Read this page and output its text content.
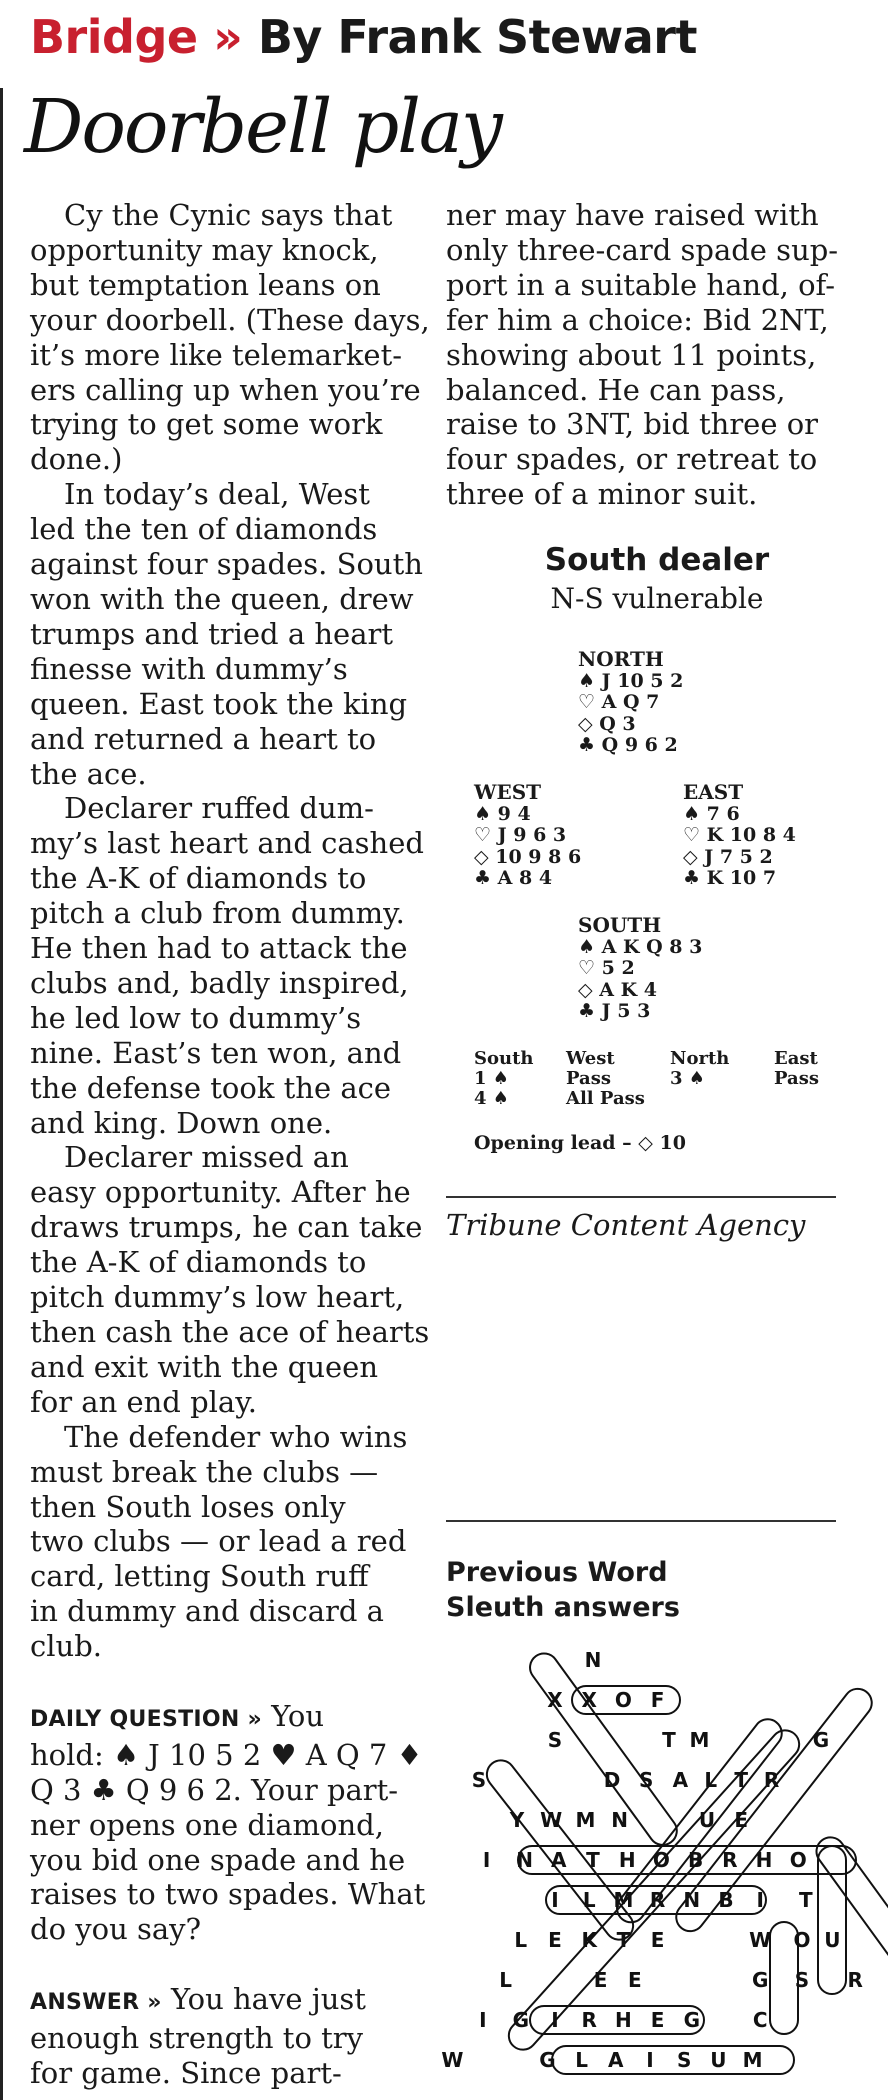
Bridge » By Frank Stewart
Doorbell play
Cy the Cynic says that
opportunity may knock,
but temptation leans on
your doorbell. (These days,
it’s more like telemarket-
ers calling up when you’re
trying to get some work
done.)
In today’s deal, West
led the ten of diamonds
against four spades. South
won with the queen, drew
trumps and tried a heart
finesse with dummy’s
queen. East took the king
and returned a heart to
the ace.
Declarer ruffed dum-
my’s last heart and cashed
the A-K of diamonds to
pitch a club from dummy.
He then had to attack the
clubs and, badly inspired,
he led low to dummy’s
nine. East’s ten won, and
the defense took the ace
and king. Down one.
Declarer missed an
easy opportunity. After he
draws trumps, he can take
the A-K of diamonds to
pitch dummy’s low heart,
then cash the ace of hearts
and exit with the queen
for an end play.
The defender who wins
must break the clubs —
then South loses only
two clubs — or lead a red
card, letting South ruff
in dummy and discard a
club.
DAILY QUESTION » You
hold: ♠ J 10 5 2 ♥ A Q 7 ♦
Q 3 ♣ Q 9 6 2. Your part-
ner opens one diamond,
you bid one spade and he
raises to two spades. What
do you say?
ANSWER » You have just
enough strength to try
for game. Since part-
ner may have raised with
only three-card spade sup-
port in a suitable hand, of-
fer him a choice: Bid 2NT,
showing about 11 points,
balanced. He can pass,
raise to 3NT, bid three or
four spades, or retreat to
three of a minor suit.
South dealer
N-S vulnerable
NORTH
♠ J 10 5 2
♡ A Q 7
◇ Q 3
♣ Q 9 6 2
WEST
♠ 9 4
♡ J 9 6 3
◇ 10 9 8 6
♣ A 8 4
EAST
♠ 7 6
♡ K 10 8 4
◇ J 7 5 2
♣ K 10 7
SOUTH
♠ A K Q 8 3
♡ 5 2
◇ A K 4
♣ J 5 3
South	West	North	East
1 ♠	Pass	3 ♠	Pass
4 ♠	All Pass
Opening lead – ◇ 10
Tribune Content Agency
Previous Word
Sleuth answers
N
X X O F
S	T M	G
S	D S A L T R
Y W M N	U E
I N A T H O B R H O
I L M R N B I T
L E K T E	W O U
L	E E	G S R
I G I R H E G	C
W	G L A I S U M
